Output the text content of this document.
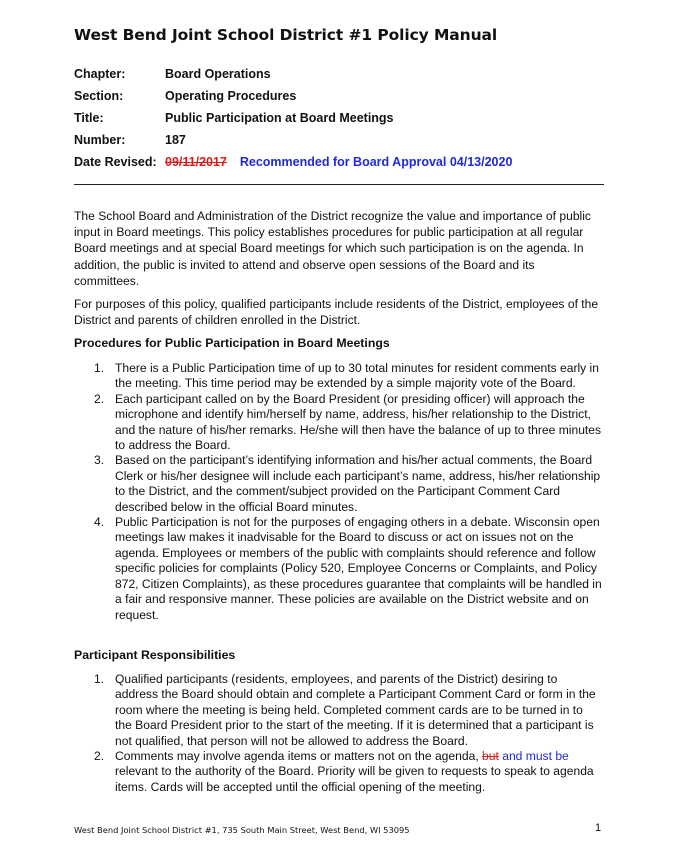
West Bend Joint School District #1 Policy Manual
Chapter:	Board Operations
Section:	Operating Procedures
Title:	Public Participation at Board Meetings
Number:	187
Date Revised: 09/11/2017 Recommended for Board Approval 04/13/2020

The School Board and Administration of the District recognize the value and importance of public input in Board meetings. This policy establishes procedures for public participation at all regular Board meetings and at special Board meetings for which such participation is on the agenda. In addition, the public is invited to attend and observe open sessions of the Board and its committees.

For purposes of this policy, qualified participants include residents of the District, employees of the District and parents of children enrolled in the District.

Procedures for Public Participation in Board Meetings
1. There is a Public Participation time of up to 30 total minutes for resident comments early in the meeting. This time period may be extended by a simple majority vote of the Board.
2. Each participant called on by the Board President (or presiding officer) will approach the microphone and identify him/herself by name, address, his/her relationship to the District, and the nature of his/her remarks. He/she will then have the balance of up to three minutes to address the Board.
3. Based on the participant’s identifying information and his/her actual comments, the Board Clerk or his/her designee will include each participant’s name, address, his/her relationship to the District, and the comment/subject provided on the Participant Comment Card described below in the official Board minutes.
4. Public Participation is not for the purposes of engaging others in a debate. Wisconsin open meetings law makes it inadvisable for the Board to discuss or act on issues not on the agenda. Employees or members of the public with complaints should reference and follow specific policies for complaints (Policy 520, Employee Concerns or Complaints, and Policy 872, Citizen Complaints), as these procedures guarantee that complaints will be handled in a fair and responsive manner. These policies are available on the District website and on request.
Participant Responsibilities
1. Qualified participants (residents, employees, and parents of the District) desiring to address the Board should obtain and complete a Participant Comment Card or form in the room where the meeting is being held. Completed comment cards are to be turned in to the Board President prior to the start of the meeting. If it is determined that a participant is not qualified, that person will not be allowed to address the Board.
2. Comments may involve agenda items or matters not on the agenda, but and must be relevant to the authority of the Board. Priority will be given to requests to speak to agenda items. Cards will be accepted until the official opening of the meeting.
West Bend Joint School District #1, 735 South Main Street, West Bend, WI 53095	1
